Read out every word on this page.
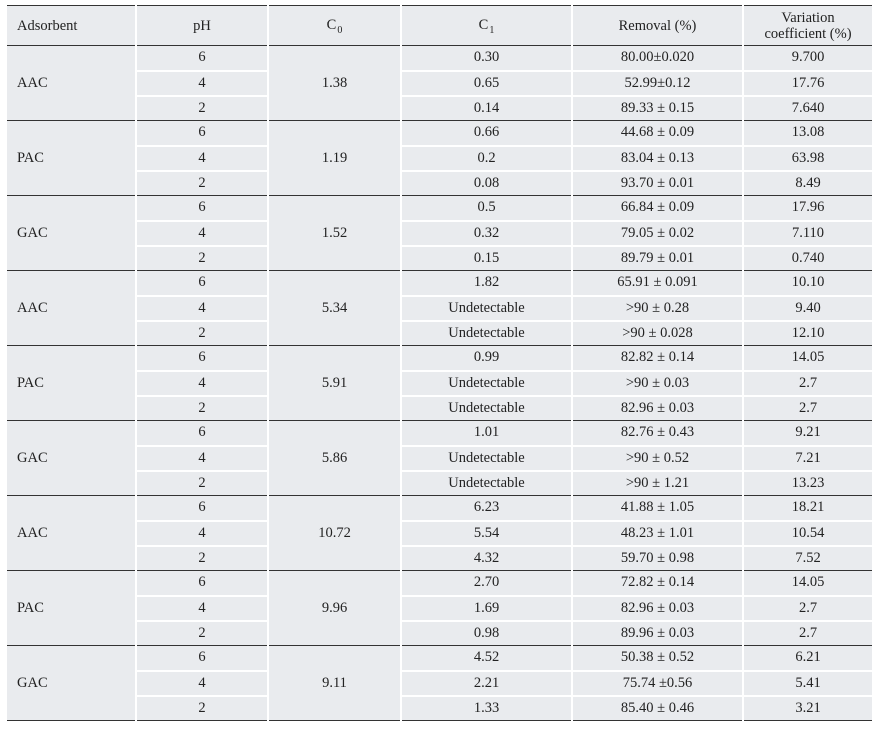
Adsorbent	pH	$C_0$	$C_1$	Removal (%)	Variation
coefficient (%)
AAC	6	1.38	0.30	80.00±0.020	9.700
	4		0.65	52.99±0.12	17.76
	2		0.14	89.33 ± 0.15	7.640
PAC	6	1.19	0.66	44.68 ± 0.09	13.08
	4		0.2	83.04 ± 0.13	63.98
	2		0.08	93.70 ± 0.01	8.49
GAC	6	1.52	0.5	66.84 ± 0.09	17.96
	4		0.32	79.05 ± 0.02	7.110
	2		0.15	89.79 ± 0.01	0.740
AAC	6	5.34	1.82	65.91 ± 0.091	10.10
	4		Undetectable	>90 ± 0.28	9.40
	2		Undetectable	>90 ± 0.028	12.10
PAC	6	5.91	0.99	82.82 ± 0.14	14.05
	4		Undetectable	>90 ± 0.03	2.7
	2		Undetectable	82.96 ± 0.03	2.7
GAC	6	5.86	1.01	82.76 ± 0.43	9.21
	4		Undetectable	>90 ± 0.52	7.21
	2		Undetectable	>90 ± 1.21	13.23
AAC	6	10.72	6.23	41.88 ± 1.05	18.21
	4		5.54	48.23 ± 1.01	10.54
	2		4.32	59.70 ± 0.98	7.52
PAC	6	9.96	2.70	72.82 ± 0.14	14.05
	4		1.69	82.96 ± 0.03	2.7
	2		0.98	89.96 ± 0.03	2.7
GAC	6	9.11	4.52	50.38 ± 0.52	6.21
	4		2.21	75.74 ±0.56	5.41
	2		1.33	85.40 ± 0.46	3.21
